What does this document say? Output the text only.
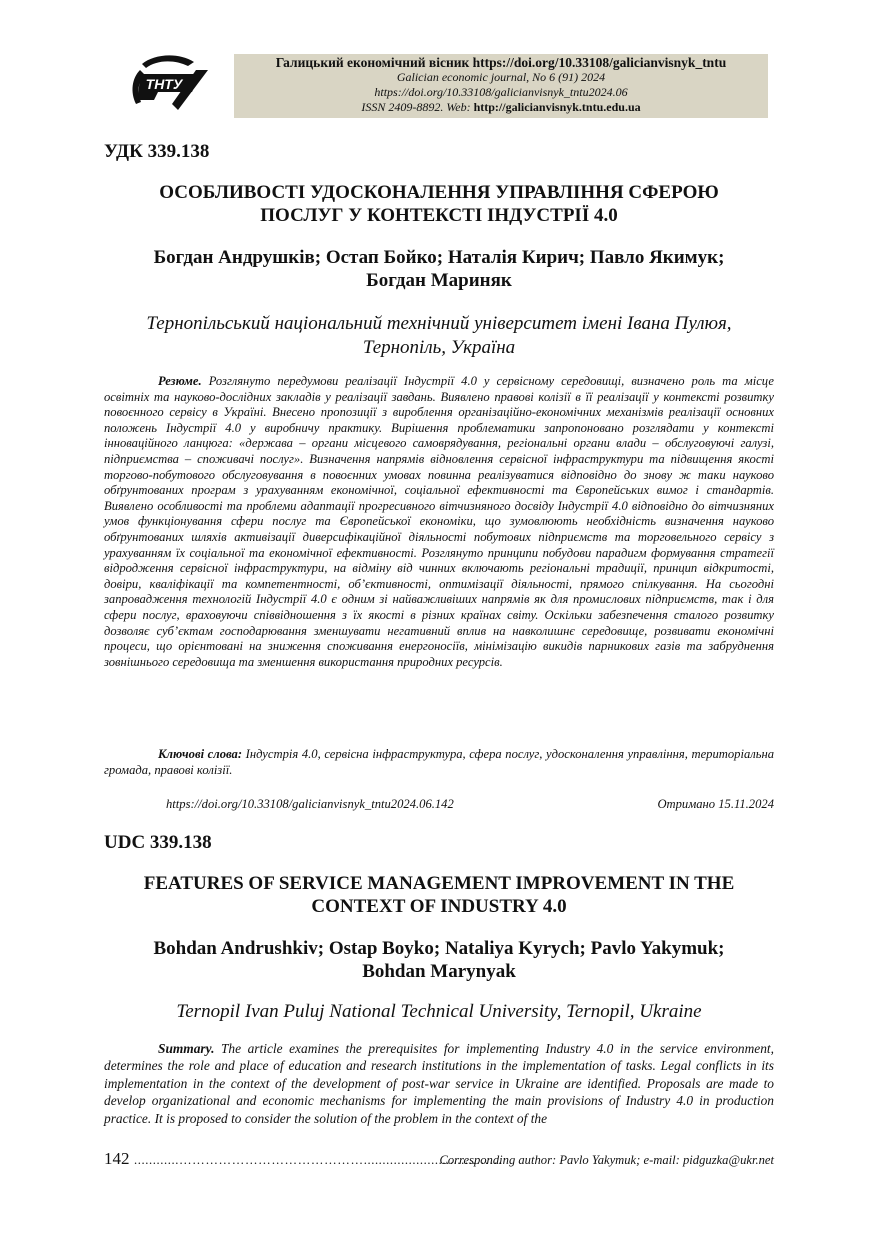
ТНТУ
Галицький економічний вісник https://doi.org/10.33108/galicianvisnyk_tntu
Galician economic journal, No 6 (91) 2024
https://doi.org/10.33108/galicianvisnyk_tntu2024.06
ISSN 2409-8892. Web: http://galicianvisnyk.tntu.edu.ua
УДК 339.138
ОСОБЛИВОСТІ УДОСКОНАЛЕННЯ УПРАВЛІННЯ СФЕРОЮ
ПОСЛУГ У КОНТЕКСТІ ІНДУСТРІЇ 4.0
Богдан Андрушків; Остап Бойко; Наталія Кирич; Павло Якимук;
Богдан Мариняк
Тернопільський національний технічний університет імені Івана Пулюя,
Тернопіль, Україна

Резюме. Розглянуто передумови реалізації Індустрії 4.0 у сервісному середовищі, визначено роль та місце освітніх та науково-дослідних закладів у реалізації завдань. Виявлено правові колізії в її реалізації у контексті розвитку повоєнного сервісу в Україні. Внесено пропозиції з вироблення організаційно-економічних механізмів реалізації основних положень Індустрії 4.0 у виробничу практику. Вирішення проблематики запропоновано розглядати у контексті інноваційного ланцюга: «держава – органи місцевого самоврядування, регіональні органи влади – обслуговуючі галузі, підприємства – споживачі послуг». Визначення напрямів відновлення сервісної інфраструктури та підвищення якості торгово-побутового обслуговування в повоєнних умовах повинна реалізуватися відповідно до знову ж таки науково обґрунтованих програм з урахуванням економічної, соціальної ефективності та Європейських вимог і стандартів. Виявлено особливості та проблеми адаптації прогресивного вітчизняного досвіду Індустрії 4.0 відповідно до вітчизняних умов функціонування сфери послуг та Європейської економіки, що зумовлюють необхідність визначення науково обґрунтованих шляхів активізації диверсифікаційної діяльності побутових підприємств та торговельного сервісу з урахуванням їх соціальної та економічної ефективності. Розглянуто принципи побудови парадигм формування стратегії відродження сервісної інфраструктури, на відміну від чинних включають регіональні традиції, принцип відкритості, довіри, кваліфікації та компетентності, об’єктивності, оптимізації діяльності, прямого спілкування. На сьогодні запровадження технологій Індустрії 4.0 є одним зі найважливіших напрямів як для промислових підприємств, так і для сфери послуг, враховуючи співвідношення з їх якості в різних країнах світу. Оскільки забезпечення сталого розвитку дозволяє суб’єктам господарювання зменшувати негативний вплив на навколишнє середовище, розвивати економічні процеси, що орієнтовані на зниження споживання енергоносіїв, мінімізацію викидів парникових газів та забруднення зовнішнього середовища та зменшення використання природних ресурсів.

Ключові слова: Індустрія 4.0, сервісна інфраструктура, сфера послуг, удосконалення управління, територіальна громада, правові колізії.

https://doi.org/10.33108/galicianvisnyk_tntu2024.06.142	Отримано 15.11.2024
UDC 339.138
FEATURES OF SERVICE MANAGEMENT IMPROVEMENT IN THE
CONTEXT OF INDUSTRY 4.0
Bohdan Andrushkiv; Ostap Boyko; Nataliya Kyrych; Pavlo Yakymuk;
Bohdan Marynyak
Ternopil Ivan Puluj National Technical University, Ternopil, Ukraine

Summary. The article examines the prerequisites for implementing Industry 4.0 in the service environment, determines the role and place of education and research institutions in the implementation of tasks. Legal conflicts in its implementation in the context of the development of post-war service in Ukraine are identified. Proposals are made to develop organizational and economic mechanisms for implementing the main provisions of Industry 4.0 in production practice. It is proposed to consider the solution of the problem in the context of the

142 ............……………………………………..............................……
Corresponding author: Pavlo Yakymuk; e-mail: pidguzka@ukr.net
